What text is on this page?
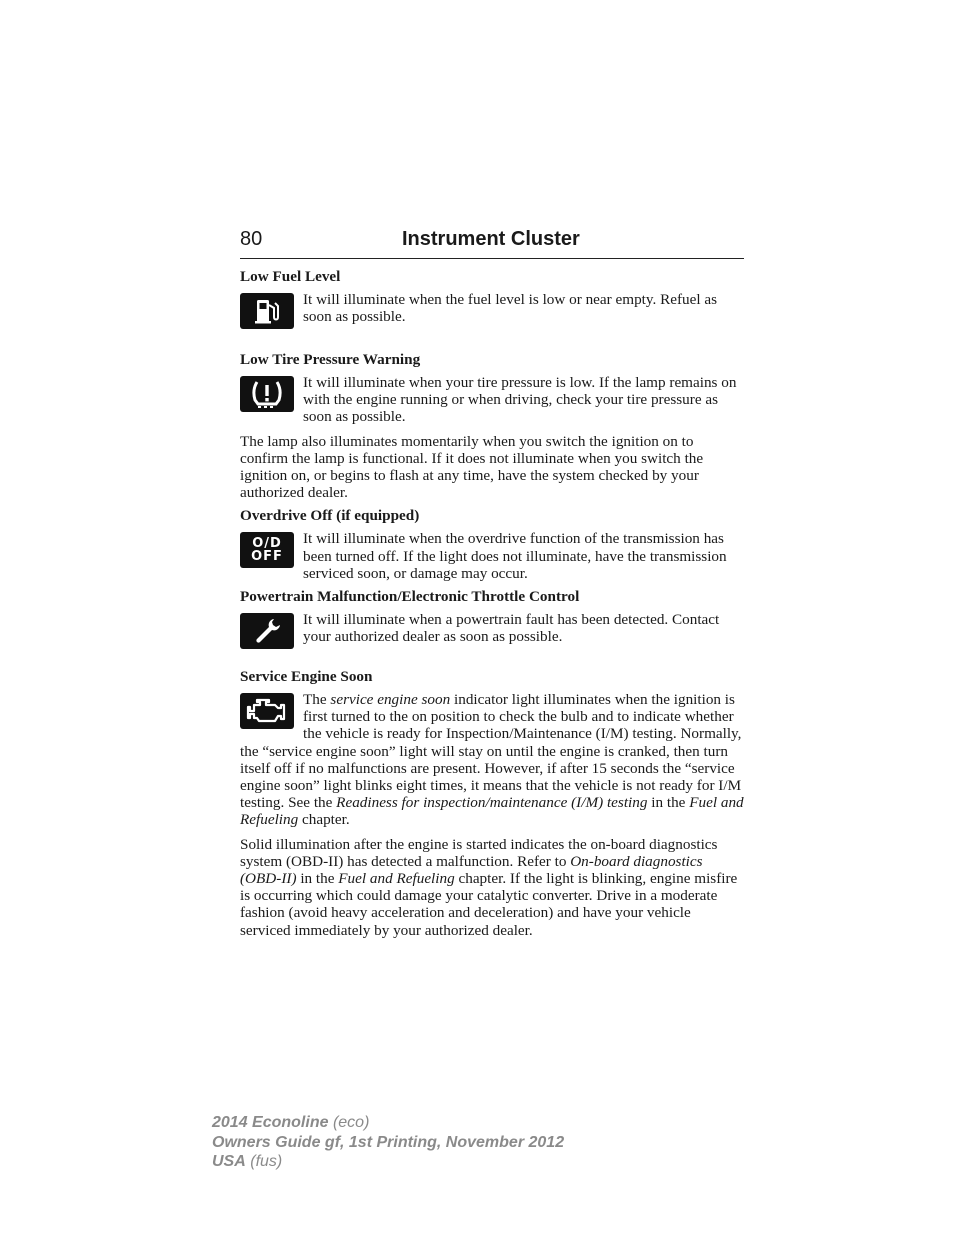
80	Instrument Cluster
Low Fuel Level

It will illuminate when the fuel level is low or near empty. Refuel as soon as possible.

Low Tire Pressure Warning

It will illuminate when your tire pressure is low. If the lamp remains on with the engine running or when driving, check your tire pressure as soon as possible.

The lamp also illuminates momentarily when you switch the ignition on to confirm the lamp is functional. If it does not illuminate when you switch the ignition on, or begins to flash at any time, have the system checked by your authorized dealer.

Overdrive Off (if equipped)
O/D
OFF

It will illuminate when the overdrive function of the transmission has been turned off. If the light does not illuminate, have the transmission serviced soon, or damage may occur.

Powertrain Malfunction/Electronic Throttle Control

It will illuminate when a powertrain fault has been detected. Contact your authorized dealer as soon as possible.

Service Engine Soon
The service engine soon indicator light illuminates when the ignition is first turned to the on position to check the bulb and to indicate whether the vehicle is ready for Inspection/Maintenance (I/M) testing. Normally, the “service engine soon” light will stay on until the engine is cranked, then turn itself off if no malfunctions are present. However, if after 15 seconds the “service engine soon” light blinks eight times, it means that the vehicle is not ready for I/M testing. See the Readiness for inspection/maintenance (I/M) testing in the Fuel and Refueling chapter.

Solid illumination after the engine is started indicates the on-board diagnostics system (OBD-II) has detected a malfunction. Refer to On-board diagnostics (OBD-II) in the Fuel and Refueling chapter. If the light is blinking, engine misfire is occurring which could damage your catalytic converter. Drive in a moderate fashion (avoid heavy acceleration and deceleration) and have your vehicle serviced immediately by your authorized dealer.

2014 Econoline (eco)
Owners Guide gf, 1st Printing, November 2012
USA (fus)
